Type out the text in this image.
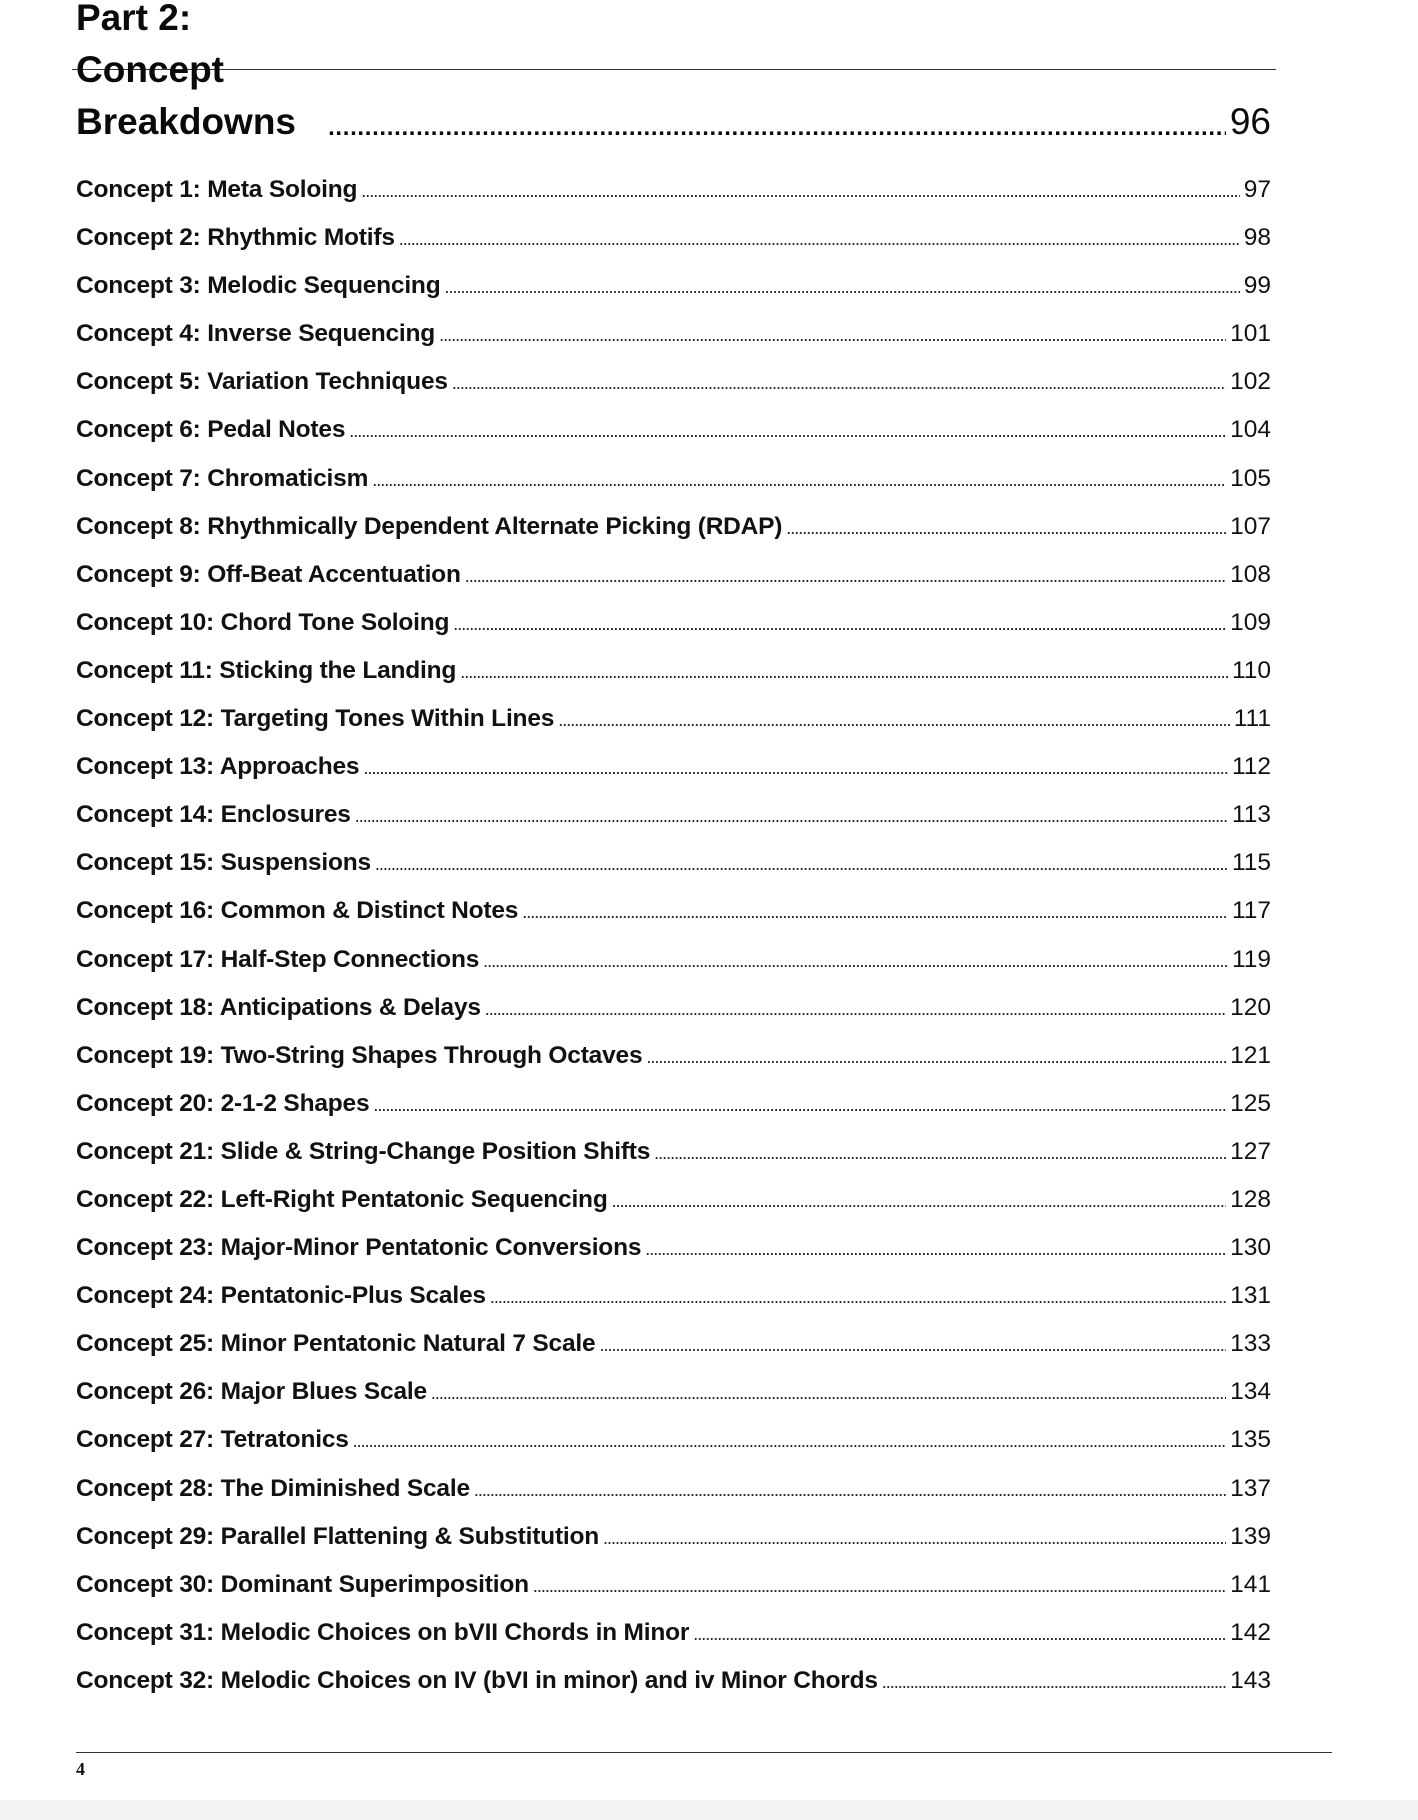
Part 2: Concept Breakdowns . . .	96
Concept 1: Meta Soloing . . .	97
Concept 2: Rhythmic Motifs . . .	98
Concept 3: Melodic Sequencing . . .	99
Concept 4: Inverse Sequencing . . .	101
Concept 5: Variation Techniques . . .	102
Concept 6: Pedal Notes . . .	104
Concept 7: Chromaticism . . .	105
Concept 8: Rhythmically Dependent Alternate Picking (RDAP) . . .	107
Concept 9: Off-Beat Accentuation . . .	108
Concept 10: Chord Tone Soloing . . .	109
Concept 11: Sticking the Landing . . .	110
Concept 12: Targeting Tones Within Lines . . .	111
Concept 13: Approaches . . .	112
Concept 14: Enclosures . . .	113
Concept 15: Suspensions . . .	115
Concept 16: Common & Distinct Notes . . .	117
Concept 17: Half-Step Connections . . .	119
Concept 18: Anticipations & Delays . . .	120
Concept 19: Two-String Shapes Through Octaves . . .	121
Concept 20: 2-1-2 Shapes . . .	125
Concept 21: Slide & String-Change Position Shifts . . .	127
Concept 22: Left-Right Pentatonic Sequencing . . .	128
Concept 23: Major-Minor Pentatonic Conversions . . .	130
Concept 24: Pentatonic-Plus Scales . . .	131
Concept 25: Minor Pentatonic Natural 7 Scale . . .	133
Concept 26: Major Blues Scale . . .	134
Concept 27: Tetratonics . . .	135
Concept 28: The Diminished Scale . . .	137
Concept 29: Parallel Flattening & Substitution . . .	139
Concept 30: Dominant Superimposition . . .	141
Concept 31: Melodic Choices on bVII Chords in Minor . . .	142
Concept 32: Melodic Choices on IV (bVI in minor) and iv Minor Chords . . .	143
4
